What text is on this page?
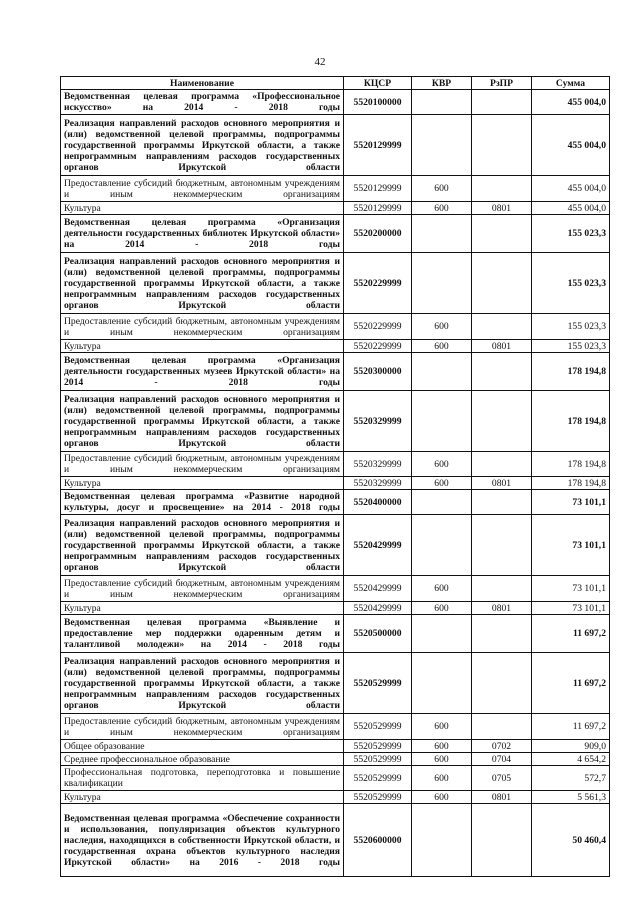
42
Наименование	КЦСР	КВР	РзПР	Сумма
Ведомственная целевая программа «Профессиональное искусство» на 2014 - 2018 годы	5520100000			455 004,0
Реализация направлений расходов основного мероприятия и (или) ведомственной целевой программы, подпрограммы государственной программы Иркутской области, а также непрограммным направлениям расходов государственных органов Иркутской области	5520129999			455 004,0
Предоставление субсидий бюджетным, автономным учреждениям и иным некоммерческим организациям	5520129999	600		455 004,0
Культура	5520129999	600	0801	455 004,0
Ведомственная целевая программа «Организация деятельности государственных библиотек Иркутской области» на 2014 - 2018 годы	5520200000			155 023,3
Реализация направлений расходов основного мероприятия и (или) ведомственной целевой программы, подпрограммы государственной программы Иркутской области, а также непрограммным направлениям расходов государственных органов Иркутской области	5520229999			155 023,3
Предоставление субсидий бюджетным, автономным учреждениям и иным некоммерческим организациям	5520229999	600		155 023,3
Культура	5520229999	600	0801	155 023,3
Ведомственная целевая программа «Организация деятельности государственных музеев Иркутской области» на 2014 - 2018 годы	5520300000			178 194,8
Реализация направлений расходов основного мероприятия и (или) ведомственной целевой программы, подпрограммы государственной программы Иркутской области, а также непрограммным направлениям расходов государственных органов Иркутской области	5520329999			178 194,8
Предоставление субсидий бюджетным, автономным учреждениям и иным некоммерческим организациям	5520329999	600		178 194,8
Культура	5520329999	600	0801	178 194,8
Ведомственная целевая программа «Развитие народной культуры, досуг и просвещение» на 2014 - 2018 годы	5520400000			73 101,1
Реализация направлений расходов основного мероприятия и (или) ведомственной целевой программы, подпрограммы государственной программы Иркутской области, а также непрограммным направлениям расходов государственных органов Иркутской области	5520429999			73 101,1
Предоставление субсидий бюджетным, автономным учреждениям и иным некоммерческим организациям	5520429999	600		73 101,1
Культура	5520429999	600	0801	73 101,1
Ведомственная целевая программа «Выявление и предоставление мер поддержки одаренным детям и талантливой молодежи» на 2014 - 2018 годы	5520500000			11 697,2
Реализация направлений расходов основного мероприятия и (или) ведомственной целевой программы, подпрограммы государственной программы Иркутской области, а также непрограммным направлениям расходов государственных органов Иркутской области	5520529999			11 697,2
Предоставление субсидий бюджетным, автономным учреждениям и иным некоммерческим организациям	5520529999	600		11 697,2
Общее образование	5520529999	600	0702	909,0
Среднее профессиональное образование	5520529999	600	0704	4 654,2
Профессиональная подготовка, переподготовка и повышение квалификации	5520529999	600	0705	572,7
Культура	5520529999	600	0801	5 561,3
Ведомственная целевая программа «Обеспечение сохранности и использования, популяризация объектов культурного наследия, находящихся в собственности Иркутской области, и государственная охрана объектов культурного наследия Иркутской области» на 2016 - 2018 годы	5520600000			50 460,4
